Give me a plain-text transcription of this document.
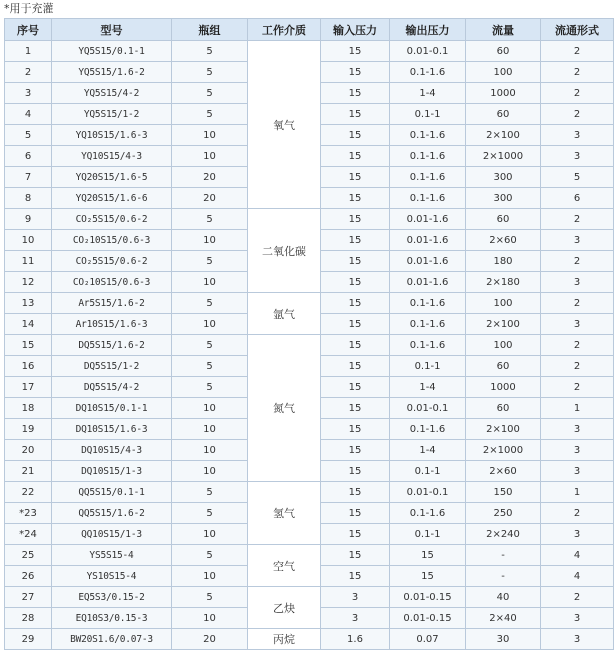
*用于充灌
序号	型号	瓶组	工作介质	输入压力	输出压力	流量	流通形式
1	YQ5S15/0.1-1	5	氧气	15	0.01-0.1	60	2
2	YQ5S15/1.6-2	5		15	0.1-1.6	100	2
3	YQ5S15/4-2	5		15	1-4	1000	2
4	YQ5S15/1-2	5		15	0.1-1	60	2
5	YQ10S15/1.6-3	10		15	0.1-1.6	2×100	3
6	YQ10S15/4-3	10		15	0.1-1.6	2×1000	3
7	YQ20S15/1.6-5	20		15	0.1-1.6	300	5
8	YQ20S15/1.6-6	20		15	0.1-1.6	300	6
9	CO₂5S15/0.6-2	5	二氧化碳	15	0.01-1.6	60	2
10	CO₂10S15/0.6-3	10		15	0.01-1.6	2×60	3
11	CO₂5S15/0.6-2	5		15	0.01-1.6	180	2
12	CO₂10S15/0.6-3	10		15	0.01-1.6	2×180	3
13	Ar5S15/1.6-2	5	氩气	15	0.1-1.6	100	2
14	Ar10S15/1.6-3	10		15	0.1-1.6	2×100	3
15	DQ5S15/1.6-2	5	氮气	15	0.1-1.6	100	2
16	DQ5S15/1-2	5		15	0.1-1	60	2
17	DQ5S15/4-2	5		15	1-4	1000	2
18	DQ10S15/0.1-1	10		15	0.01-0.1	60	1
19	DQ10S15/1.6-3	10		15	0.1-1.6	2×100	3
20	DQ10S15/4-3	10		15	1-4	2×1000	3
21	DQ10S15/1-3	10		15	0.1-1	2×60	3
22	QQ5S15/0.1-1	5	氢气	15	0.01-0.1	150	1
*23	QQ5S15/1.6-2	5		15	0.1-1.6	250	2
*24	QQ10S15/1-3	10		15	0.1-1	2×240	3
25	YS5S15-4	5	空气	15	15	-	4
26	YS10S15-4	10		15	15	-	4
27	EQ5S3/0.15-2	5	乙炔	3	0.01-0.15	40	2
28	EQ10S3/0.15-3	10		3	0.01-0.15	2×40	3
29	BW20S1.6/0.07-3	20	丙烷	1.6	0.07	30	3
